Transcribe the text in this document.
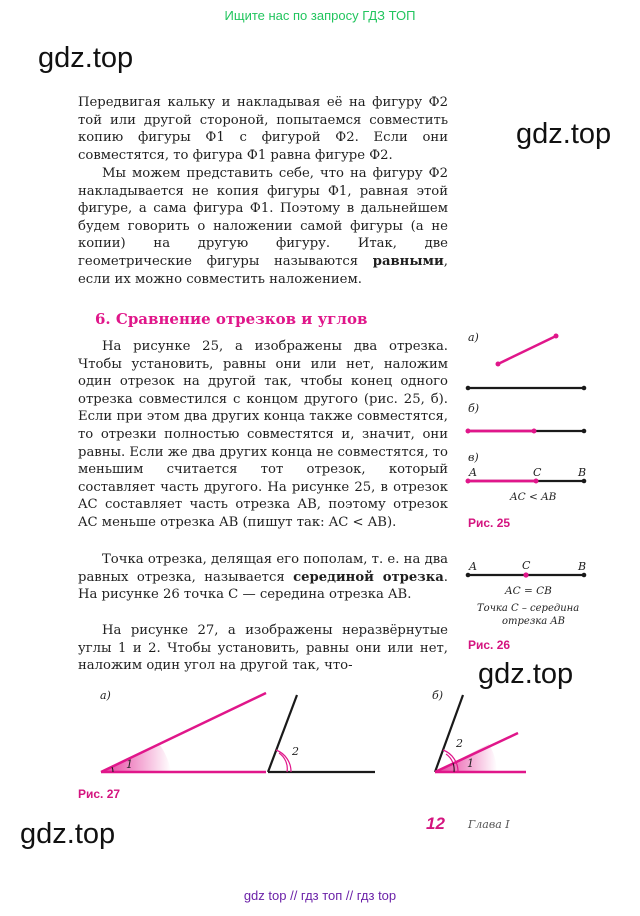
Ищите нас по запросу ГДЗ ТОП
gdz.top
gdz.top
gdz.top
gdz.top
Передвигая кальку и накладывая её на фигуру Ф2 той или другой стороной, попытаемся совместить копию фигуры Ф1 с фигурой Ф2. Если они совместятся, то фигура Ф1 равна фигуре Ф2.
Мы можем представить себе, что на фигуру Ф2 накладывается не копия фигуры Ф1, равная этой фигуре, а сама фигура Ф1. Поэтому в дальнейшем будем говорить о наложении самой фигуры (а не копии) на другую фигуру. Итак, две геометрические фигуры называются равными, если их можно совместить наложением.
6. Сравнение отрезков и углов
На рисунке 25, а изображены два отрезка. Чтобы установить, равны они или нет, наложим один отрезок на другой так, чтобы конец одного отрезка совместился с концом другого (рис. 25, б). Если при этом два других конца также совместятся, то отрезки полностью совместятся и, значит, они равны. Если же два других конца не совместятся, то меньшим считается тот отрезок, который составляет часть другого. На рисунке 25, в отрезок AC составляет часть отрезка AB, поэтому отрезок AC меньше отрезка AB (пишут так: AC < AB).
Точка отрезка, делящая его пополам, т. е. на два равных отрезка, называется серединой отрезка. На рисунке 26 точка C — середина отрезка AB.
На рисунке 27, а изображены неразвёрнутые углы 1 и 2. Чтобы установить, равны они или нет, наложим один угол на другой так, что-
а)
б)
в)
A	C	B
AC < AB
Рис. 25
A	C	B
AC = CB
Точка C – середина
отрезка AB
Рис. 26
а)	б)
1
2
1
2
Рис. 27
12 Глава I
gdz top // гдз топ // гдз top
